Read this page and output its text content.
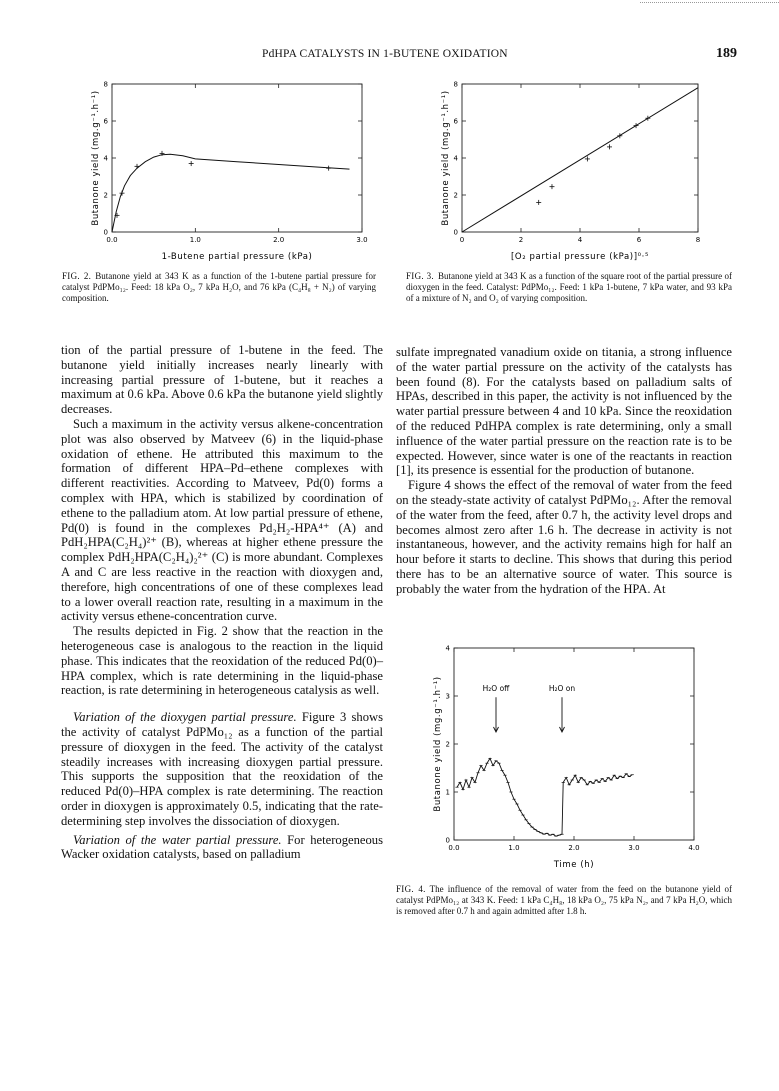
PdHPA CATALYSTS IN 1-BUTENE OXIDATION	189
0.0	1.0	2.0	3.0
0
2
4
6
8
1-Butene partial pressure (kPa)
Butanone yield (mg.g⁻¹.h⁻¹)
FIG. 2. Butanone yield at 343 K as a function of the 1-butene partial pressure for catalyst PdPMo₁₂. Feed: 18 kPa O₂, 7 kPa H₂O, and 76 kPa (C₄H₈ + N₂) of varying composition.
0	2	4	6	8
0
2
4
6
8
[O₂ partial pressure (kPa)]⁰·⁵
Butanone yield (mg.g⁻¹.h⁻¹)
FIG. 3. Butanone yield at 343 K as a function of the square root of the partial pressure of dioxygen in the feed. Catalyst: PdPMo₁₂. Feed: 1 kPa 1-butene, 7 kPa water, and 93 kPa of a mixture of N₂ and O₂ of varying composition.

tion of the partial pressure of 1-butene in the feed. The butanone yield initially increases nearly linearly with increasing partial pressure of 1-butene, but it reaches a maximum at 0.6 kPa. Above 0.6 kPa the butanone yield slightly decreases.

Such a maximum in the activity versus alkene-concentration plot was also observed by Matveev (6) in the liquid-phase oxidation of ethene. He attributed this maximum to the formation of different HPA–Pd–ethene complexes with different reactivities. According to Matveev, Pd(0) forms a complex with HPA, which is stabilized by coordination of ethene to the palladium atom. At low partial pressure of ethene, Pd(0) is found in the complexes Pd₂H₂-HPA⁴⁺ (A) and PdH₂HPA(C₂H₄)²⁺ (B), whereas at higher ethene pressure the complex PdH₂HPA(C₂H₄)₂²⁺ (C) is more abundant. Complexes A and C are less reactive in the reaction with dioxygen and, therefore, high concentrations of one of these complexes lead to a lower overall reaction rate, resulting in a maximum in the activity versus ethene-concentration curve.

The results depicted in Fig. 2 show that the reaction in the heterogeneous case is analogous to the reaction in the liquid phase. This indicates that the reoxidation of the reduced Pd(0)–HPA complex, which is rate determining in the liquid-phase reaction, is rate determining in heterogeneous catalysis as well.

Variation of the dioxygen partial pressure. Figure 3 shows the activity of catalyst PdPMo₁₂ as a function of the partial pressure of dioxygen in the feed. The activity of the catalyst steadily increases with increasing dioxygen partial pressure. This supports the supposition that the reoxidation of the reduced Pd(0)–HPA complex is rate determining. The reaction order in dioxygen is approximately 0.5, indicating that the rate-determining step involves the dissociation of dioxygen.

Variation of the water partial pressure. For heterogeneous Wacker oxidation catalysts, based on palladium

sulfate impregnated vanadium oxide on titania, a strong influence of the water partial pressure on the activity of the catalysts has been found (8). For the catalysts based on palladium salts of HPAs, described in this paper, the activity is not influenced by the water partial pressure between 4 and 10 kPa. Since the reoxidation of the reduced PdHPA complex is rate determining, only a small influence of the water partial pressure on the reaction rate is to be expected. However, since water is one of the reactants in reaction [1], its presence is essential for the production of butanone.

Figure 4 shows the effect of the removal of water from the feed on the steady-state activity of catalyst PdPMo₁₂. After the removal of the water from the feed, after 0.7 h, the activity level drops and becomes almost zero after 1.6 h. The decrease in activity is not instantaneous, however, and the activity remains high for half an hour before it starts to decline. This shows that during this period there has to be an alternative source of water. This source is probably the water from the hydration of the HPA. At

0.0	1.0	2.0	3.0	4.0
0
1
2
3
4
Time (h)
Butanone yield (mg.g⁻¹.h⁻¹)	H₂O off	H₂O on
FIG. 4. The influence of the removal of water from the feed on the butanone yield of catalyst PdPMo₁₂ at 343 K. Feed: 1 kPa C₄H₈, 18 kPa O₂, 75 kPa N₂, and 7 kPa H₂O, which is removed after 0.7 h and again admitted after 1.8 h.
